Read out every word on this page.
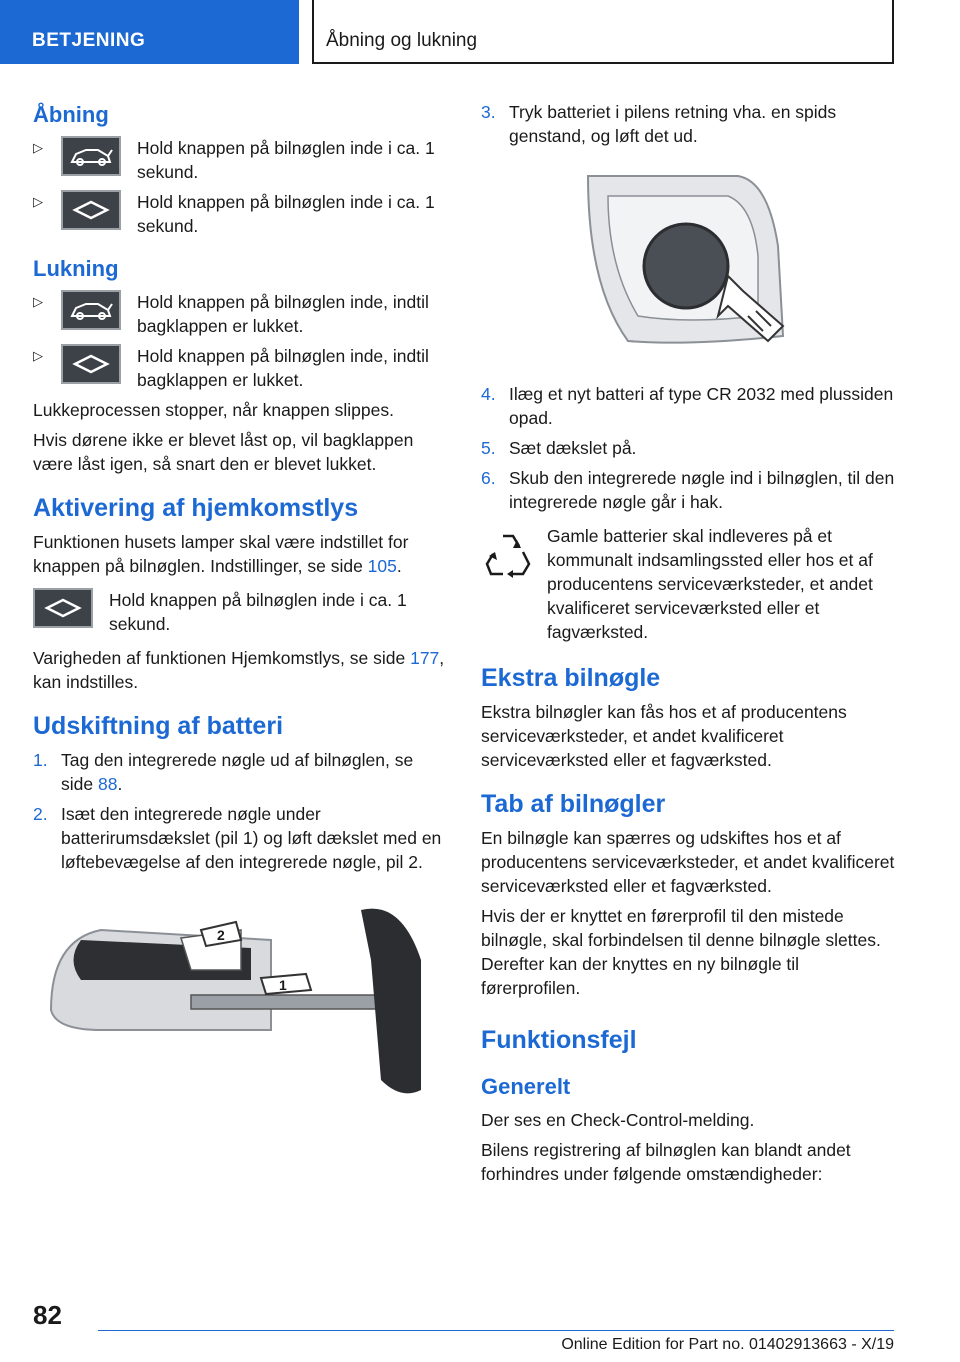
BETJENING	Åbning og lukning
Åbning
▷	Hold knappen på bilnøglen inde i ca. 1 sekund.
▷	Hold knappen på bilnøglen inde i ca. 1 sekund.
Lukning
▷	Hold knappen på bilnøglen inde, indtil bagklappen er lukket.
▷	Hold knappen på bilnøglen inde, indtil bagklappen er lukket.

Lukkeprocessen stopper, når knappen slippes.

Hvis dørene ikke er blevet låst op, vil bagklappen være låst igen, så snart den er blevet lukket.

Aktivering af hjemkomstlys

Funktionen husets lamper skal være indstillet for knappen på bilnøglen. Indstillinger, se side 105.

Hold knappen på bilnøglen inde i ca. 1 sekund.

Varigheden af funktionen Hjemkomstlys, se side 177, kan indstilles.

Udskiftning af batteri
1. Tag den integrerede nøgle ud af bilnøglen, se side 88.
2. Isæt den integrerede nøgle under batterirumsdækslet (pil 1) og løft dækslet med en løftebevægelse af den integrerede nøgle, pil 2.
1
2
3. Tryk batteriet i pilens retning vha. en spids genstand, og løft det ud.
4. Ilæg et nyt batteri af type CR 2032 med plussiden opad.
5. Sæt dækslet på.
6. Skub den integrerede nøgle ind i bilnøglen, til den integrerede nøgle går i hak.
Gamle batterier skal indleveres på et kommunalt indsamlingssted eller hos et af producentens serviceværksteder, et andet kvalificeret serviceværksted eller et fagværksted.
Ekstra bilnøgle

Ekstra bilnøgler kan fås hos et af producentens serviceværksteder, et andet kvalificeret serviceværksted eller et fagværksted.

Tab af bilnøgler

En bilnøgle kan spærres og udskiftes hos et af producentens serviceværksteder, et andet kvalificeret serviceværksted eller et fagværksted.

Hvis der er knyttet en førerprofil til den mistede bilnøgle, skal forbindelsen til denne bilnøgle slettes. Derefter kan der knyttes en ny bilnøgle til førerprofilen.

Funktionsfejl
Generelt

Der ses en Check-Control-melding.

Bilens registrering af bilnøglen kan blandt andet forhindres under følgende omstændigheder:

82
Online Edition for Part no. 01402913663 - X/19
